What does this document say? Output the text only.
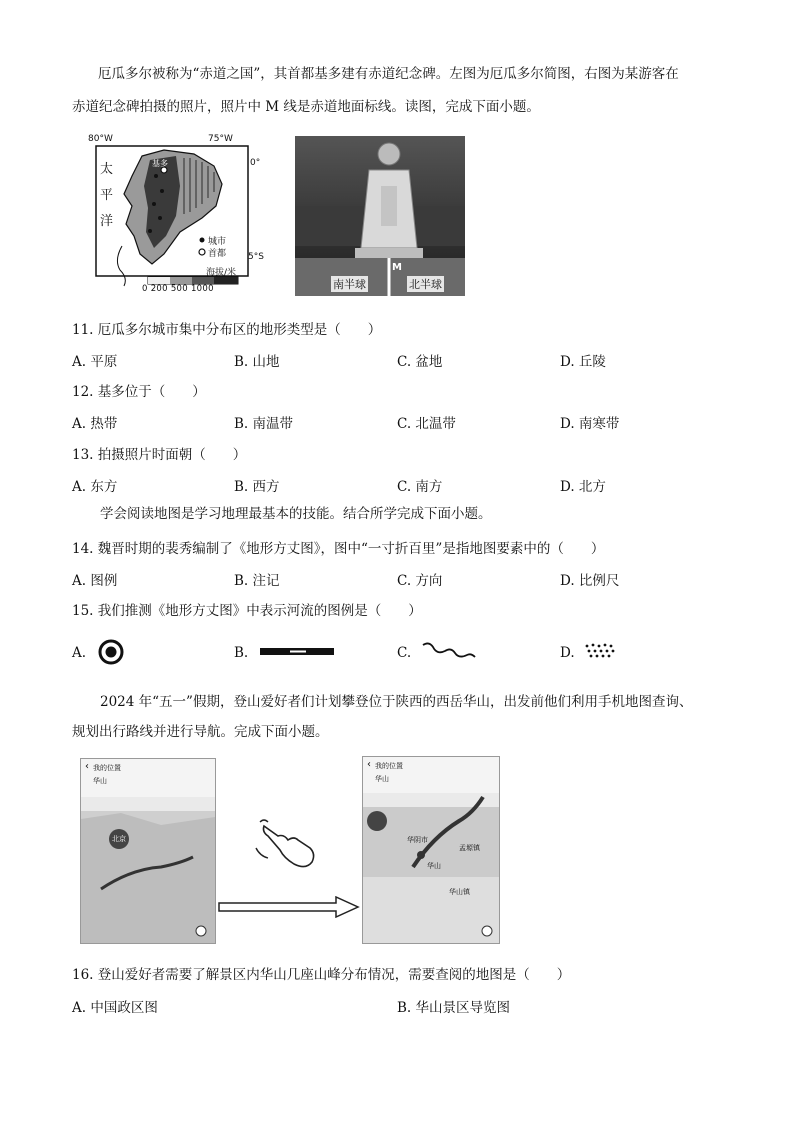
厄瓜多尔被称为“赤道之国”，其首都基多建有赤道纪念碑。左图为厄瓜多尔简图，右图为某游客在
赤道纪念碑拍摄的照片，照片中 M 线是赤道地面标线。读图，完成下面小题。
80°W	75°W
0°
5°S
太
平
洋
基多
城市
首都
海拔/米
0 200 500 1000
M
南半球	北半球
11. 厄瓜多尔城市集中分布区的地形类型是（　　）
A. 平原	B. 山地	C. 盆地	D. 丘陵
12. 基多位于（　　）
A. 热带	B. 南温带	C. 北温带	D. 南寒带
13. 拍摄照片时面朝（　　）
A. 东方	B. 西方	C. 南方	D. 北方
学会阅读地图是学习地理最基本的技能。结合所学完成下面小题。
14. 魏晋时期的裴秀编制了《地形方丈图》，图中“一寸折百里”是指地图要素中的（　　）
A. 图例	B. 注记	C. 方向	D. 比例尺
15. 我们推测《地形方丈图》中表示河流的图例是（　　）
A.	B.	C.	D.
2024 年“五一”假期，登山爱好者们计划攀登位于陕西的西岳华山，出发前他们利用手机地图查询、
规划出行路线并进行导航。完成下面小题。
我的位置
华山
北京
‹	我的位置
华山
华阴市
华山
孟塬镇
华山镇
‹
16. 登山爱好者需要了解景区内华山几座山峰分布情况，需要查阅的地图是（　　）
A. 中国政区图	B. 华山景区导览图
